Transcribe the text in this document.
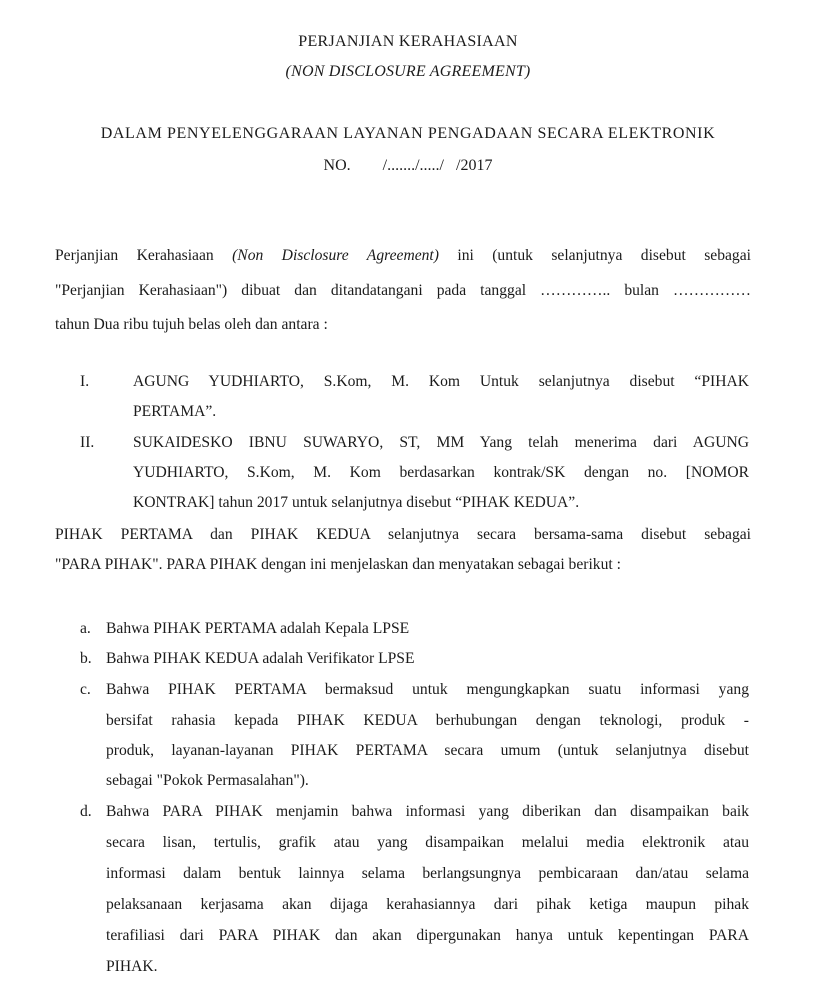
PERJANJIAN KERAHASIAAN
(NON DISCLOSURE AGREEMENT)
DALAM PENYELENGGARAAN LAYANAN PENGADAAN SECARA ELEKTRONIK
NO. /......./...../ /2017
Perjanjian Kerahasiaan (Non Disclosure Agreement) ini (untuk selanjutnya disebut sebagai
"Perjanjian Kerahasiaan") dibuat dan ditandatangani pada tanggal ………….. bulan ……………
tahun Dua ribu tujuh belas oleh dan antara :
I.	AGUNG YUDHIARTO, S.Kom, M. Kom Untuk selanjutnya disebut “PIHAK
PERTAMA”.
II. SUKAIDESKO IBNU SUWARYO, ST, MM Yang telah menerima dari AGUNG
YUDHIARTO, S.Kom, M. Kom berdasarkan kontrak/SK dengan no. [NOMOR
KONTRAK] tahun 2017 untuk selanjutnya disebut “PIHAK KEDUA”.
PIHAK PERTAMA dan PIHAK KEDUA selanjutnya secara bersama-sama disebut sebagai
"PARA PIHAK". PARA PIHAK dengan ini menjelaskan dan menyatakan sebagai berikut :
a. Bahwa PIHAK PERTAMA adalah Kepala LPSE
b. Bahwa PIHAK KEDUA adalah Verifikator LPSE
c. Bahwa PIHAK PERTAMA bermaksud untuk mengungkapkan suatu informasi yang
bersifat rahasia kepada PIHAK KEDUA berhubungan dengan teknologi, produk -
produk, layanan-layanan PIHAK PERTAMA secara umum (untuk selanjutnya disebut
sebagai "Pokok Permasalahan").
d. Bahwa PARA PIHAK menjamin bahwa informasi yang diberikan dan disampaikan baik
secara lisan, tertulis, grafik atau yang disampaikan melalui media elektronik atau
informasi dalam bentuk lainnya selama berlangsungnya pembicaraan dan/atau selama
pelaksanaan kerjasama akan dijaga kerahasiannya dari pihak ketiga maupun pihak
terafiliasi dari PARA PIHAK dan akan dipergunakan hanya untuk kepentingan PARA
PIHAK.
